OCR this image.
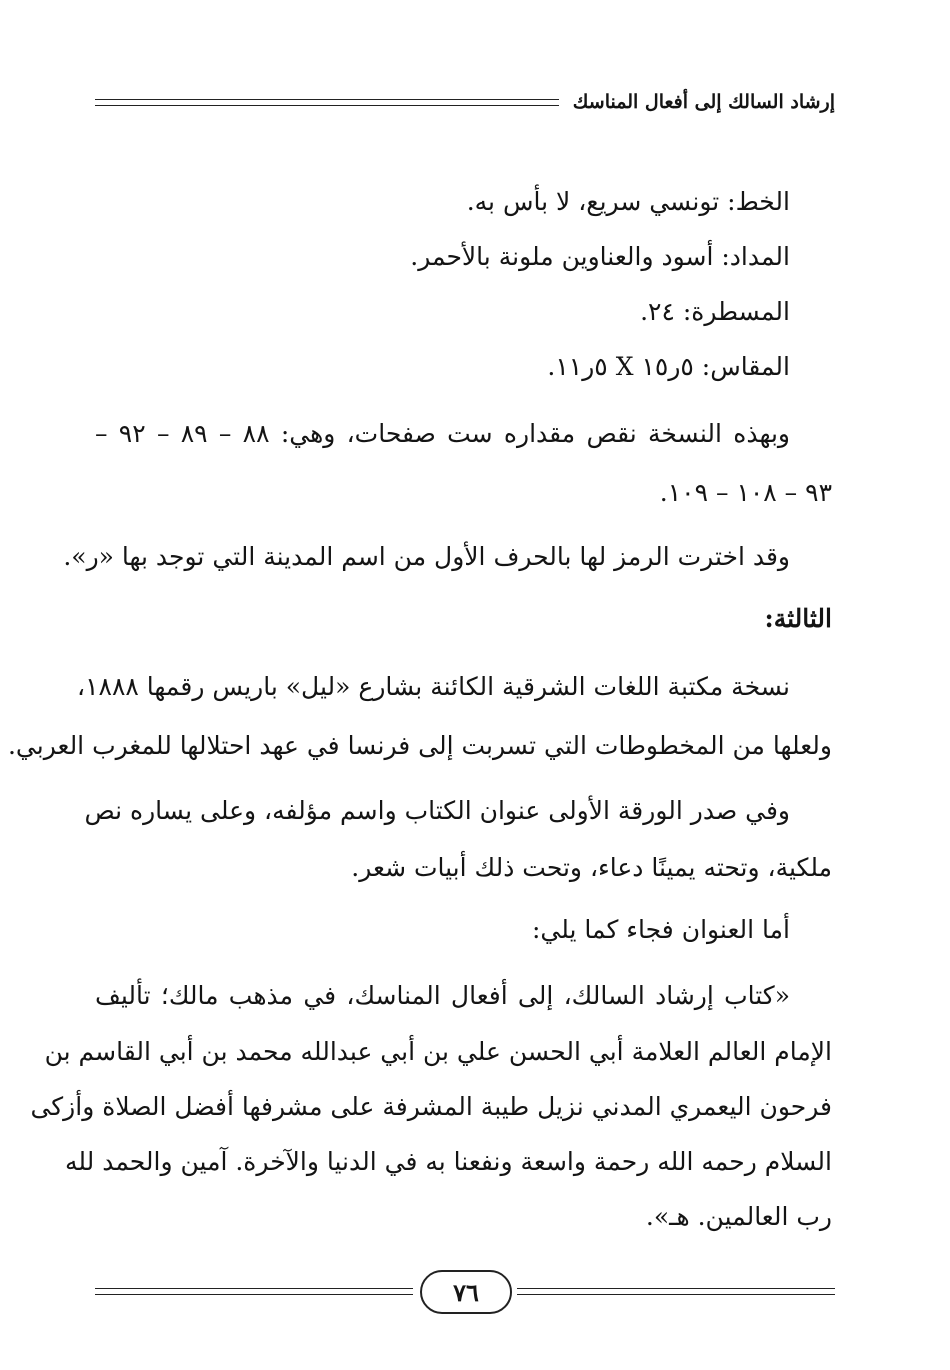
إرشاد السالك إلى أفعال المناسك
الخط: تونسي سريع، لا بأس به.
المداد: أسود والعناوين ملونة بالأحمر.
المسطرة: ٢٤.
المقاس: ٥ر١٥ X ٥ر١١.
وبهذه النسخة نقص مقداره ست صفحات، وهي: ٨٨ – ٨٩ – ٩٢ –
٩٣ – ١٠٨ – ١٠٩.
وقد اخترت الرمز لها بالحرف الأول من اسم المدينة التي توجد بها «ر».
الثالثة:
نسخة مكتبة اللغات الشرقية الكائنة بشارع «ليل» باريس رقمها ١٨٨٨،
ولعلها من المخطوطات التي تسربت إلى فرنسا في عهد احتلالها للمغرب العربي.
وفي صدر الورقة الأولى عنوان الكتاب واسم مؤلفه، وعلى يساره نص
ملكية، وتحته يمينًا دعاء، وتحت ذلك أبيات شعر.
أما العنوان فجاء كما يلي:
«كتاب إرشاد السالك، إلى أفعال المناسك، في مذهب مالك؛ تأليف
الإمام العالم العلامة أبي الحسن علي بن أبي عبدالله محمد بن أبي القاسم بن
فرحون اليعمري المدني نزيل طيبة المشرفة على مشرفها أفضل الصلاة وأزكى
السلام رحمه الله رحمة واسعة ونفعنا به في الدنيا والآخرة. آمين والحمد لله
رب العالمين. هـ».
٧٦
